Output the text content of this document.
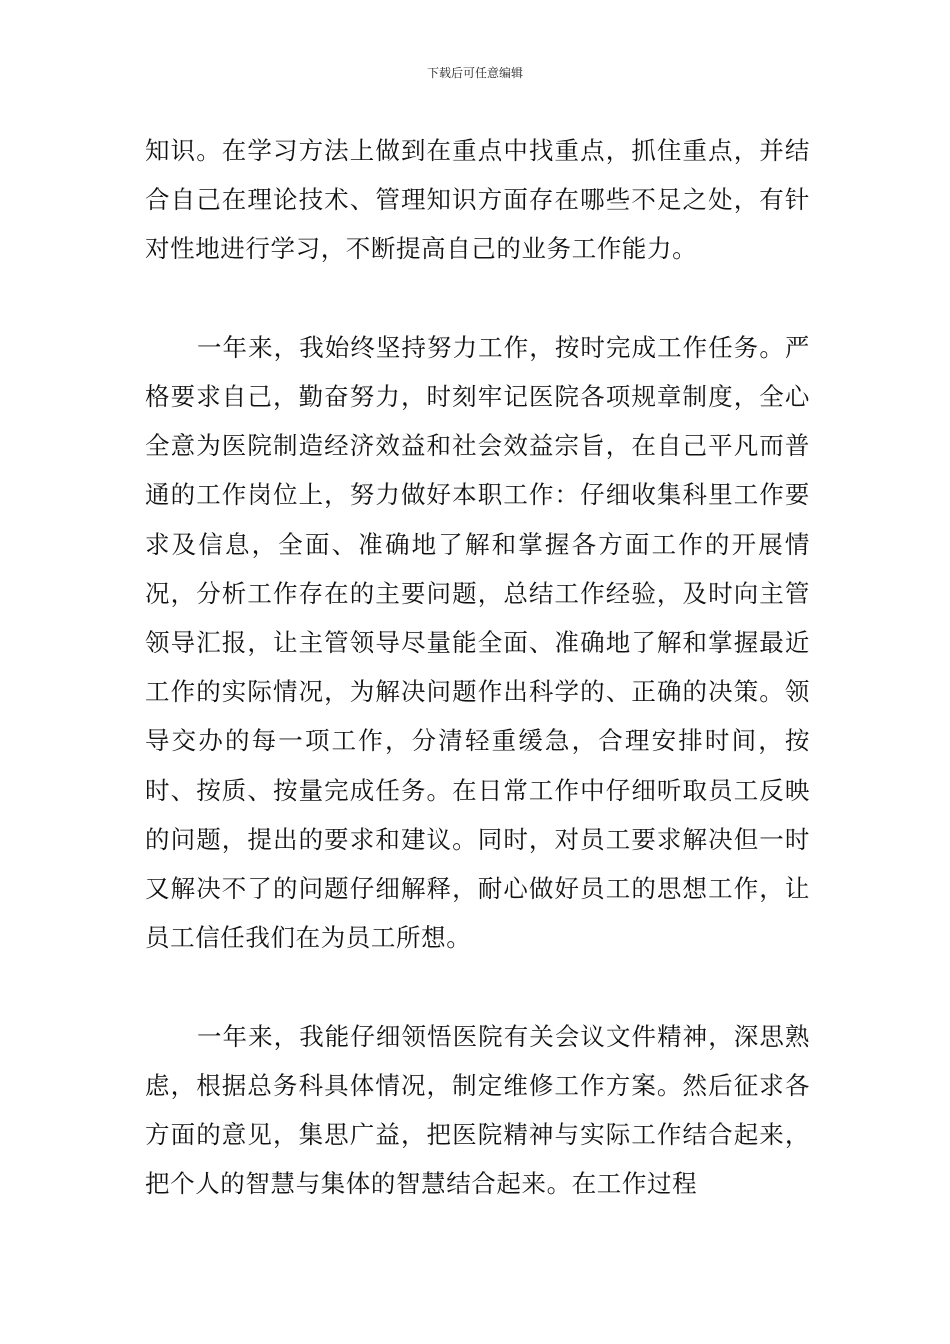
下载后可任意编辑

知识。在学习方法上做到在重点中找重点，抓住重点，并结合自己在理论技术、管理知识方面存在哪些不足之处，有针对性地进行学习，不断提高自己的业务工作能力。

一年来，我始终坚持努力工作，按时完成工作任务。严格要求自己，勤奋努力，时刻牢记医院各项规章制度，全心全意为医院制造经济效益和社会效益宗旨，在自己平凡而普通的工作岗位上，努力做好本职工作：仔细收集科里工作要求及信息，全面、准确地了解和掌握各方面工作的开展情况，分析工作存在的主要问题，总结工作经验，及时向主管领导汇报，让主管领导尽量能全面、准确地了解和掌握最近工作的实际情况，为解决问题作出科学的、正确的决策。领导交办的每一项工作，分清轻重缓急，合理安排时间，按时、按质、按量完成任务。在日常工作中仔细听取员工反映的问题，提出的要求和建议。同时，对员工要求解决但一时又解决不了的问题仔细解释，耐心做好员工的思想工作，让员工信任我们在为员工所想。

一年来，我能仔细领悟医院有关会议文件精神，深思熟虑，根据总务科具体情况，制定维修工作方案。然后征求各方面的意见，集思广益，把医院精神与实际工作结合起来，把个人的智慧与集体的智慧结合起来。在工作过程
